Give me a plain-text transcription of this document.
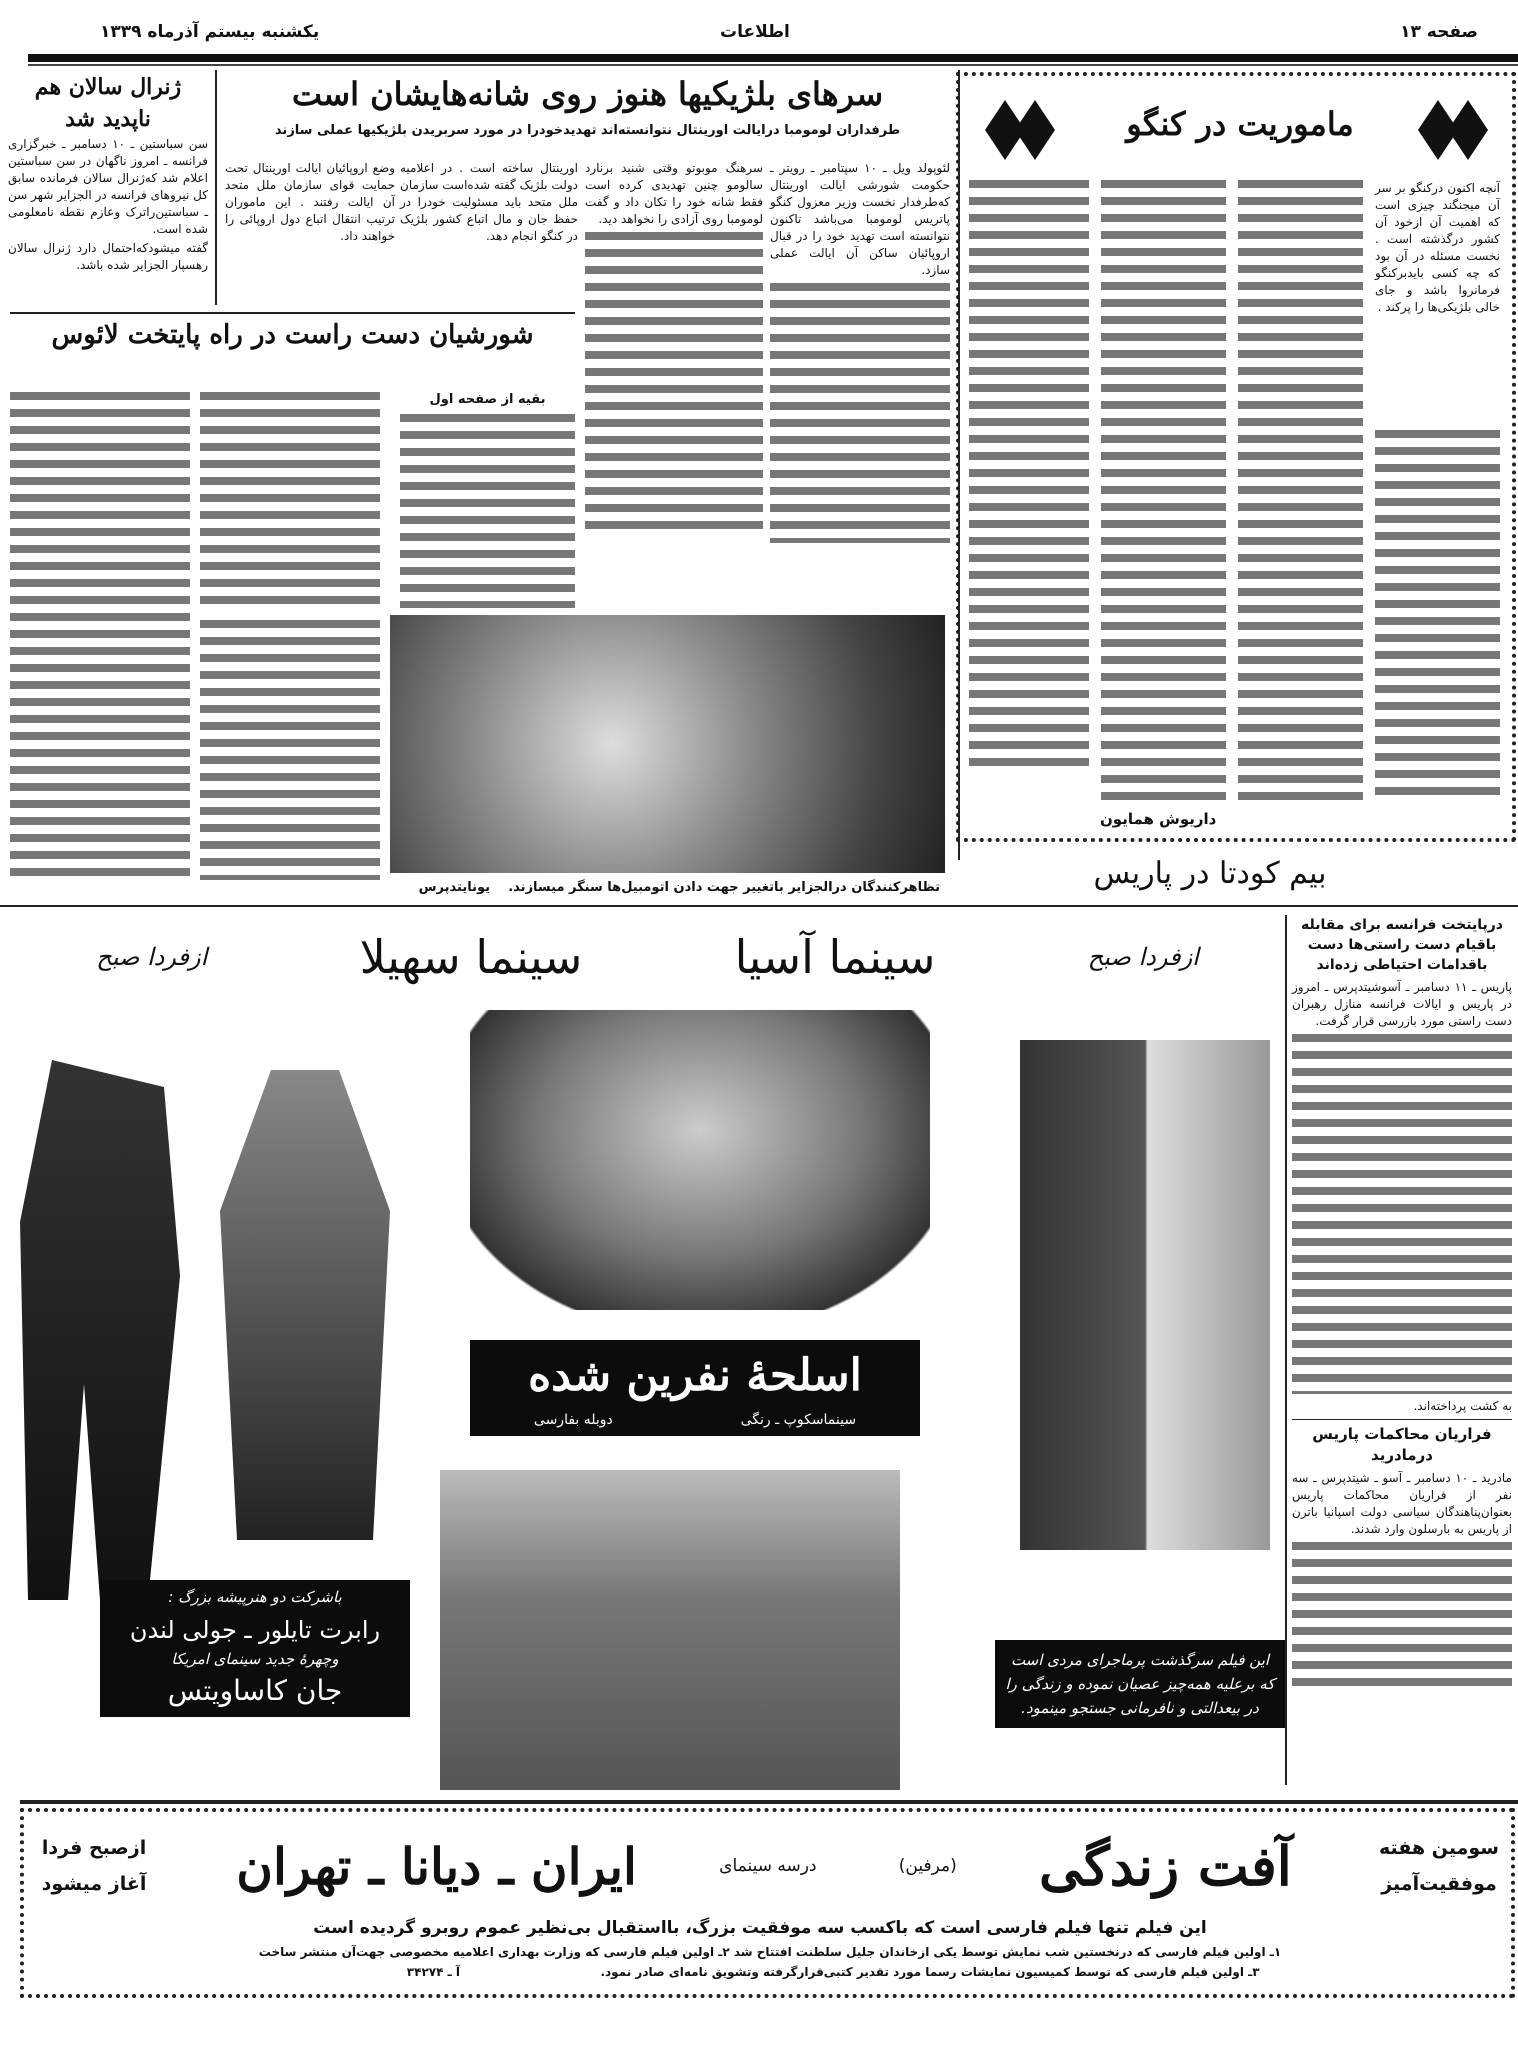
صفحه ۱۳
اطلاعات
یکشنبه بیستم آذرماه ۱۳۳۹
ماموریت در کنگو
آنچه اکنون درکنگو بر سر آن میجنگند چیزی است که اهمیت آن ازخود آن کشور درگذشته است . نخست مسئله در آن بود که چه کسی بایدبرکنگو فرمانروا باشد و جای خالی بلژیکی‌ها را پرکند .
داریوش همایون
سرهای بلژیکیها هنوز روی شانه‌هایشان است
طرفداران لومومبا درایالت اورینتال نتوانسته‌اند تهدیدخودرا در مورد سربریدن بلژیکیها عملی سازند
لئوپولد ویل ـ ۱۰ سپتامبر ـ رویتر ـ حکومت شورشی ایالت اورینتال که‌طرفدار نخست وزیر معزول کنگو پاتریس لومومبا می‌باشد تاکنون نتوانسته است تهدید خود را در قبال اروپائیان ساکن آن ایالت عملی سازد.
سرهنگ موبوتو وقتی شنید برنارد سالومو چنین تهدیدی کرده است فقط شانه خود را تکان داد و گفت لومومبا روی آزادی را نخواهد دید.
اورینتال ساخته است . در اعلامیه دولت بلژیک گفته شده‌است سازمان ملل متحد باید مسئولیت خودرا در حفظ جان و مال اتباع کشور بلژیک در کنگو انجام دهد.
وضع اروپائیان ایالت اورینتال تحت حمایت قوای سازمان ملل متحد آن ایالت رفتند . این ماموران ترتیب انتقال اتباع دول اروپائی را خواهند داد.
ژنرال سالان هم
ناپدید شد
سن سباستین ـ ۱۰ دسامبر ـ خبرگزاری فرانسه ـ امروز ناگهان در سن سباستین اعلام شد که‌ژنرال سالان فرمانده سابق کل نیروهای فرانسه در الجزایر شهر سن ـ سباستین‌راترک وعازم نقطه نامعلومی شده است.
گفته میشودکه‌احتمال دارد ژنرال سالان رهسپار الجزایر شده باشد.
شورشیان دست راست در راه پایتخت لائوس
بقیه از صفحه اول
تظاهرکنندگان درالجزایر باتغییر جهت دادن اتومبیل‌ها سنگر میسازند.
یونایتدپرس	بیم کودتا در پاریس
درپایتخت فرانسه برای مقابله باقیام دست راستی‌ها دست باقدامات احتیاطی زده‌اند
پاریس ـ ۱۱ دسامبر ـ آسوشیتدپرس ـ امروز در پاریس و ایالات فرانسه منازل رهبران دست راستی مورد بازرسی قرار گرفت.
به کشت پرداخته‌اند.
فراریان محاکمات پاریس درمادرید
مادرید ـ ۱۰ دسامبر ـ آسو ـ شیتدپرس ـ سه نفر از فراریان محاکمات پاریس بعنوان‌پناهندگان سیاسی دولت اسپانیا باترن از پاریس به بارسلون وارد شدند.
ازفردا صبح
سینما آسیا
سینما سهیلا
ازفردا صبح
اسلحهٔ نفرین شده
سینماسکوپ ـ رنگی
دوبله بفارسی
باشرکت دو هنرپیشه بزرگ :
رابرت تایلور ـ جولی لندن
وچهرهٔ جدید سینمای امریکا
جان کاساویتس
این فیلم سرگذشت پرماجرای مردی است که برعلیه همه‌چیز عصیان نموده و زندگی را در بیعدالتی و نافرمانی جستجو مینمود.
سومین هفته
موفقیت‌آمیز
آفت زندگی
(مرفین)
درسه سینمای
ایران ـ دیانا ـ تهران
ازصبح فردا
آغاز میشود
این فیلم تنها فیلم فارسی است که باکسب سه موفقیت بزرگ، بااستقبال بی‌نظیر عموم روبرو گردیده است
۱ـ اولین فیلم فارسی که درنخستین شب نمایش توسط یکی ازخاندان جلیل سلطنت افتتاح شد ۲ـ اولین فیلم فارسی که وزارت بهداری اعلامیه مخصوصی جهت‌آن منتشر ساخت
۳ـ اولین فیلم فارسی که توسط کمیسیون نمایشات رسما مورد تقدیر کتبی‌قرارگرفته وتشویق نامه‌ای صادر نمود.
آ ـ ۳۴۲۷۴
